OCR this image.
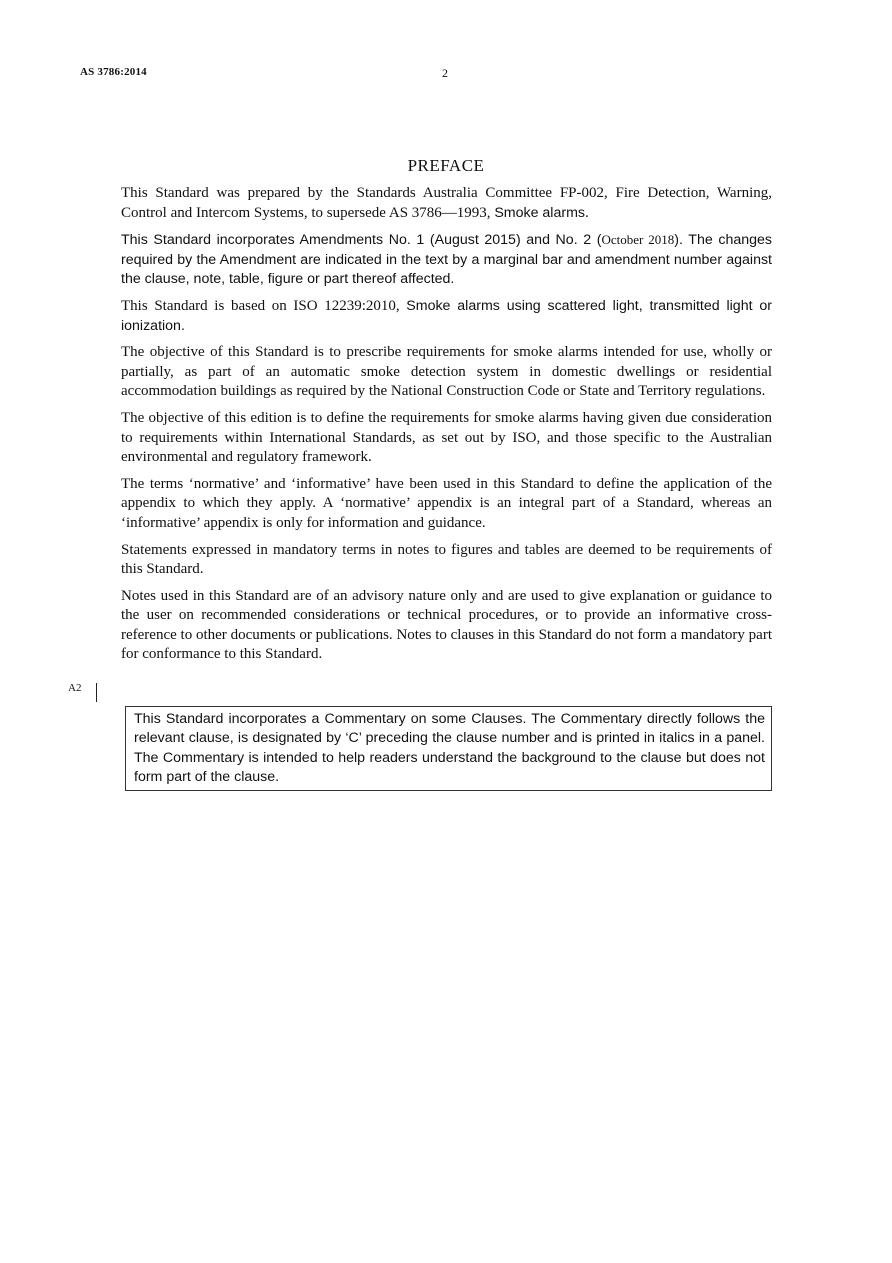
AS 3786:2014	2
PREFACE

This Standard was prepared by the Standards Australia Committee FP-002, Fire Detection, Warning, Control and Intercom Systems, to supersede AS 3786—1993, Smoke alarms.

This Standard incorporates Amendments No. 1 (August 2015) and No. 2 (October 2018). The changes required by the Amendment are indicated in the text by a marginal bar and amendment number against the clause, note, table, figure or part thereof affected.

This Standard is based on ISO 12239:2010, Smoke alarms using scattered light, transmitted light or ionization.

The objective of this Standard is to prescribe requirements for smoke alarms intended for use, wholly or partially, as part of an automatic smoke detection system in domestic dwellings or residential accommodation buildings as required by the National Construction Code or State and Territory regulations.

The objective of this edition is to define the requirements for smoke alarms having given due consideration to requirements within International Standards, as set out by ISO, and those specific to the Australian environmental and regulatory framework.

The terms ‘normative’ and ‘informative’ have been used in this Standard to define the application of the appendix to which they apply. A ‘normative’ appendix is an integral part of a Standard, whereas an ‘informative’ appendix is only for information and guidance.

Statements expressed in mandatory terms in notes to figures and tables are deemed to be requirements of this Standard.

Notes used in this Standard are of an advisory nature only and are used to give explanation or guidance to the user on recommended considerations or technical procedures, or to provide an informative cross-reference to other documents or publications. Notes to clauses in this Standard do not form a mandatory part for conformance to this Standard.

A2
This Standard incorporates a Commentary on some Clauses. The Commentary directly follows the relevant clause, is designated by ‘C’ preceding the clause number and is printed in italics in a panel. The Commentary is intended to help readers understand the background to the clause but does not form part of the clause.
